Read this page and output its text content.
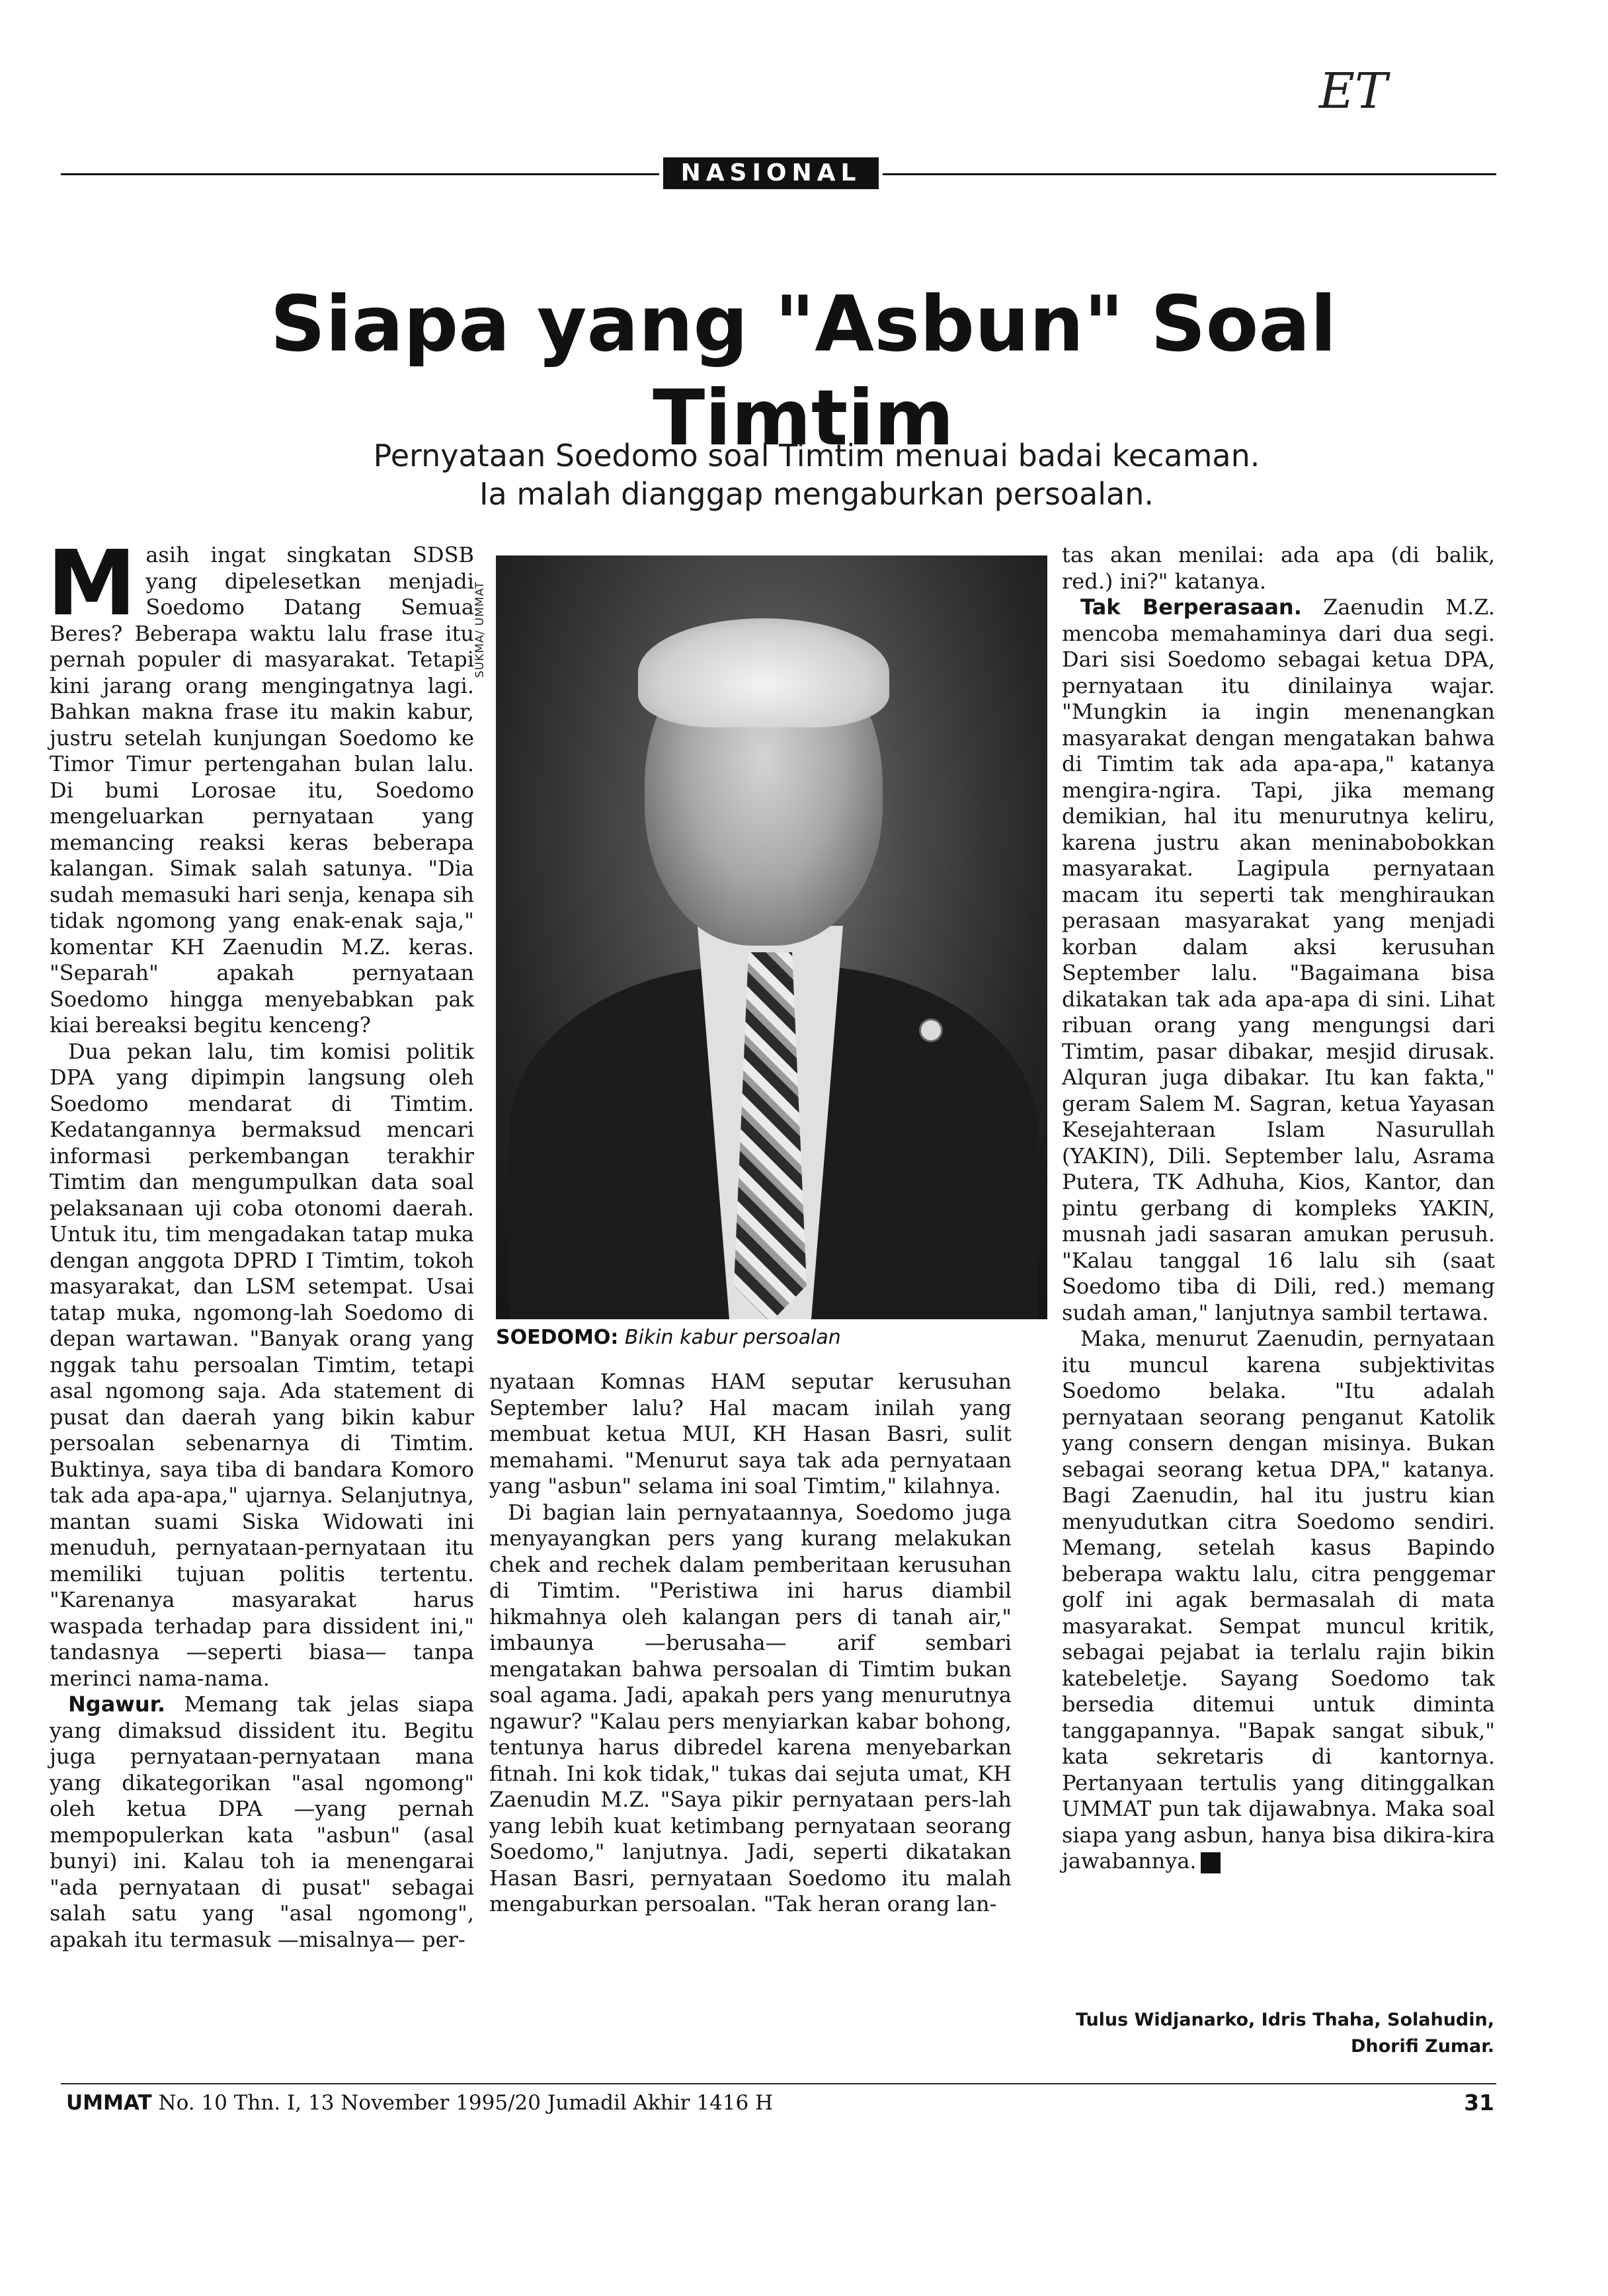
ET
NASIONAL
Siapa yang "Asbun" Soal Timtim
Pernyataan Soedomo soal Timtim menuai badai kecaman.
Ia malah dianggap mengaburkan persoalan.

Masih ingat singkatan SDSB yang dipelesetkan menjadi Soedomo Datang Semua Beres? Beberapa waktu lalu frase itu pernah populer di masyarakat. Tetapi kini jarang orang mengingatnya lagi. Bahkan makna frase itu makin kabur, justru setelah kunjungan Soedomo ke Timor Timur pertengahan bulan lalu. Di bumi Lorosae itu, Soedomo mengeluarkan pernyataan yang memancing reaksi keras beberapa kalangan. Simak salah satunya. "Dia sudah memasuki hari senja, kenapa sih tidak ngomong yang enak-enak saja," komentar KH Zaenudin M.Z. keras. "Separah" apakah pernyataan Soedomo hingga menyebabkan pak kiai bereaksi begitu kenceng?

Dua pekan lalu, tim komisi politik DPA yang dipimpin langsung oleh Soedomo mendarat di Timtim. Kedatangannya bermaksud mencari informasi perkembangan terakhir Timtim dan mengumpulkan data soal pelaksanaan uji coba otonomi daerah. Untuk itu, tim mengadakan tatap muka dengan anggota DPRD I Timtim, tokoh masyarakat, dan LSM setempat. Usai tatap muka, ngomong-lah Soedomo di depan wartawan. "Banyak orang yang nggak tahu persoalan Timtim, tetapi asal ngomong saja. Ada statement di pusat dan daerah yang bikin kabur persoalan sebenarnya di Timtim. Buktinya, saya tiba di bandara Komoro tak ada apa-apa," ujarnya. Selanjutnya, mantan suami Siska Widowati ini menuduh, pernyataan-pernyataan itu memiliki tujuan politis tertentu. "Karenanya masyarakat harus waspada terhadap para dissident ini," tandasnya —seperti biasa— tanpa merinci nama-nama.

Ngawur. Memang tak jelas siapa yang dimaksud dissident itu. Begitu juga pernyataan-pernyataan mana yang dikategorikan "asal ngomong" oleh ketua DPA —yang pernah mempopulerkan kata "asbun" (asal bunyi) ini. Kalau toh ia menengarai "ada pernyataan di pusat" sebagai salah satu yang "asal ngomong", apakah itu termasuk —misalnya— per-

SUKMA/ UMMAT
SOEDOMO: Bikin kabur persoalan

nyataan Komnas HAM seputar kerusuhan September lalu? Hal macam inilah yang membuat ketua MUI, KH Hasan Basri, sulit memahami. "Menurut saya tak ada pernyataan yang "asbun" selama ini soal Timtim," kilahnya.

Di bagian lain pernyataannya, Soedomo juga menyayangkan pers yang kurang melakukan chek and rechek dalam pemberitaan kerusuhan di Timtim. "Peristiwa ini harus diambil hikmahnya oleh kalangan pers di tanah air," imbaunya —berusaha— arif sembari mengatakan bahwa persoalan di Timtim bukan soal agama. Jadi, apakah pers yang menurutnya ngawur? "Kalau pers menyiarkan kabar bohong, tentunya harus dibredel karena menyebarkan fitnah. Ini kok tidak," tukas dai sejuta umat, KH Zaenudin M.Z. "Saya pikir pernyataan pers-lah yang lebih kuat ketimbang pernyataan seorang Soedomo," lanjutnya. Jadi, seperti dikatakan Hasan Basri, pernyataan Soedomo itu malah mengaburkan persoalan. "Tak heran orang lan-

tas akan menilai: ada apa (di balik, red.) ini?" katanya.

Tak Berperasaan. Zaenudin M.Z. mencoba memahaminya dari dua segi. Dari sisi Soedomo sebagai ketua DPA, pernyataan itu dinilainya wajar. "Mungkin ia ingin menenangkan masyarakat dengan mengatakan bahwa di Timtim tak ada apa-apa," katanya mengira-ngira. Tapi, jika memang demikian, hal itu menurutnya keliru, karena justru akan meninabobokkan masyarakat. Lagipula pernyataan macam itu seperti tak menghiraukan perasaan masyarakat yang menjadi korban dalam aksi kerusuhan September lalu. "Bagaimana bisa dikatakan tak ada apa-apa di sini. Lihat ribuan orang yang mengungsi dari Timtim, pasar dibakar, mesjid dirusak. Alquran juga dibakar. Itu kan fakta," geram Salem M. Sagran, ketua Yayasan Kesejahteraan Islam Nasurullah (YAKIN), Dili. September lalu, Asrama Putera, TK Adhuha, Kios, Kantor, dan pintu gerbang di kompleks YAKIN, musnah jadi sasaran amukan perusuh. "Kalau tanggal 16 lalu sih (saat Soedomo tiba di Dili, red.) memang sudah aman," lanjutnya sambil tertawa.

Maka, menurut Zaenudin, pernyataan itu muncul karena subjektivitas Soedomo belaka. "Itu adalah pernyataan seorang penganut Katolik yang consern dengan misinya. Bukan sebagai seorang ketua DPA," katanya. Bagi Zaenudin, hal itu justru kian menyudutkan citra Soedomo sendiri. Memang, setelah kasus Bapindo beberapa waktu lalu, citra penggemar golf ini agak bermasalah di mata masyarakat. Sempat muncul kritik, sebagai pejabat ia terlalu rajin bikin katebeletje. Sayang Soedomo tak bersedia ditemui untuk diminta tanggapannya. "Bapak sangat sibuk," kata sekretaris di kantornya. Pertanyaan tertulis yang ditinggalkan UMMAT pun tak dijawabnya. Maka soal siapa yang asbun, hanya bisa dikira-kira jawabannya. U

Tulus Widjanarko, Idris Thaha, Solahudin,
Dhorifi Zumar.
UMMAT No. 10 Thn. I, 13 November 1995/20 Jumadil Akhir 1416 H	31
